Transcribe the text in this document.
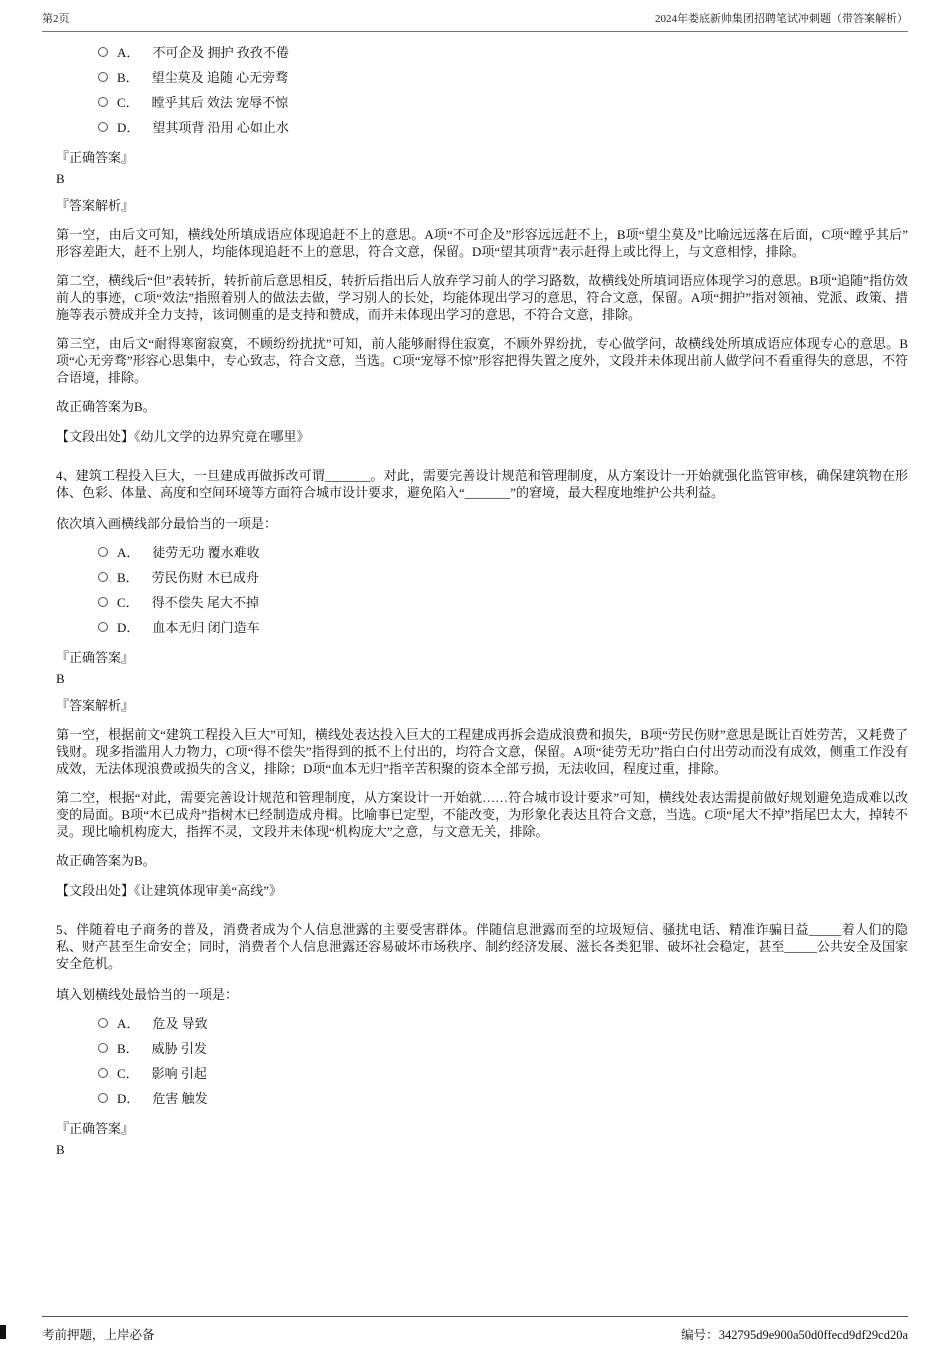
第2页	2024年娄底新帅集团招聘笔试冲刺题（带答案解析）
A． 不可企及 拥护 孜孜不倦
B． 望尘莫及 追随 心无旁骛
C． 瞠乎其后 效法 宠辱不惊
D． 望其项背 沿用 心如止水
『正确答案』
B
『答案解析』

第一空，由后文可知，横线处所填成语应体现追赶不上的意思。A项“不可企及”形容远远赶不上，B项“望尘莫及”比喻远远落在后面，C项“瞠乎其后”形容差距大，赶不上别人，均能体现追赶不上的意思，符合文意，保留。D项“望其项背”表示赶得上或比得上，与文意相悖，排除。

第二空，横线后“但”表转折，转折前后意思相反，转折后指出后人放弃学习前人的学习路数，故横线处所填词语应体现学习的意思。B项“追随”指仿效前人的事迹，C项“效法”指照着别人的做法去做，学习别人的长处，均能体现出学习的意思，符合文意，保留。A项“拥护”指对领袖、党派、政策、措施等表示赞成并全力支持，该词侧重的是支持和赞成，而并未体现出学习的意思，不符合文意，排除。

第三空，由后文“耐得寒窗寂寞，不顾纷纷扰扰”可知，前人能够耐得住寂寞，不顾外界纷扰，专心做学问，故横线处所填成语应体现专心的意思。B项“心无旁骛”形容心思集中，专心致志，符合文意，当选。C项“宠辱不惊”形容把得失置之度外，文段并未体现出前人做学问不看重得失的意思，不符合语境，排除。

故正确答案为B。

【文段出处】《幼儿文学的边界究竟在哪里》

4、建筑工程投入巨大，一旦建成再做拆改可谓_______。对此，需要完善设计规范和管理制度，从方案设计一开始就强化监管审核，确保建筑物在形体、色彩、体量、高度和空间环境等方面符合城市设计要求，避免陷入“_______”的窘境，最大程度地维护公共利益。

依次填入画横线部分最恰当的一项是：

A． 徒劳无功 覆水难收
B． 劳民伤财 木已成舟
C． 得不偿失 尾大不掉
D． 血本无归 闭门造车
『正确答案』
B
『答案解析』

第一空，根据前文“建筑工程投入巨大”可知，横线处表达投入巨大的工程建成再拆会造成浪费和损失，B项“劳民伤财”意思是既让百姓劳苦，又耗费了钱财。现多指滥用人力物力，C项“得不偿失”指得到的抵不上付出的，均符合文意，保留。A项“徒劳无功”指白白付出劳动而没有成效，侧重工作没有成效，无法体现浪费或损失的含义，排除；D项“血本无归”指辛苦积聚的资本全部亏损，无法收回，程度过重，排除。

第二空，根据“对此，需要完善设计规范和管理制度，从方案设计一开始就……符合城市设计要求”可知，横线处表达需提前做好规划避免造成难以改变的局面。B项“木已成舟”指树木已经制造成舟楫。比喻事已定型，不能改变，为形象化表达且符合文意，当选。C项“尾大不掉”指尾巴太大，掉转不灵。现比喻机构庞大，指挥不灵，文段并未体现“机构庞大”之意，与文意无关，排除。

故正确答案为B。

【文段出处】《让建筑体现审美“高线”》

5、伴随着电子商务的普及，消费者成为个人信息泄露的主要受害群体。伴随信息泄露而至的垃圾短信、骚扰电话、精准诈骗日益_____着人们的隐私、财产甚至生命安全；同时，消费者个人信息泄露还容易破坏市场秩序、制约经济发展、滋长各类犯罪、破坏社会稳定，甚至_____公共安全及国家安全危机。

填入划横线处最恰当的一项是：

A． 危及 导致
B． 威胁 引发
C． 影响 引起
D． 危害 触发
『正确答案』
B
考前押题，上岸必备	编号：342795d9e900a50d0ffecd9df29cd20a
